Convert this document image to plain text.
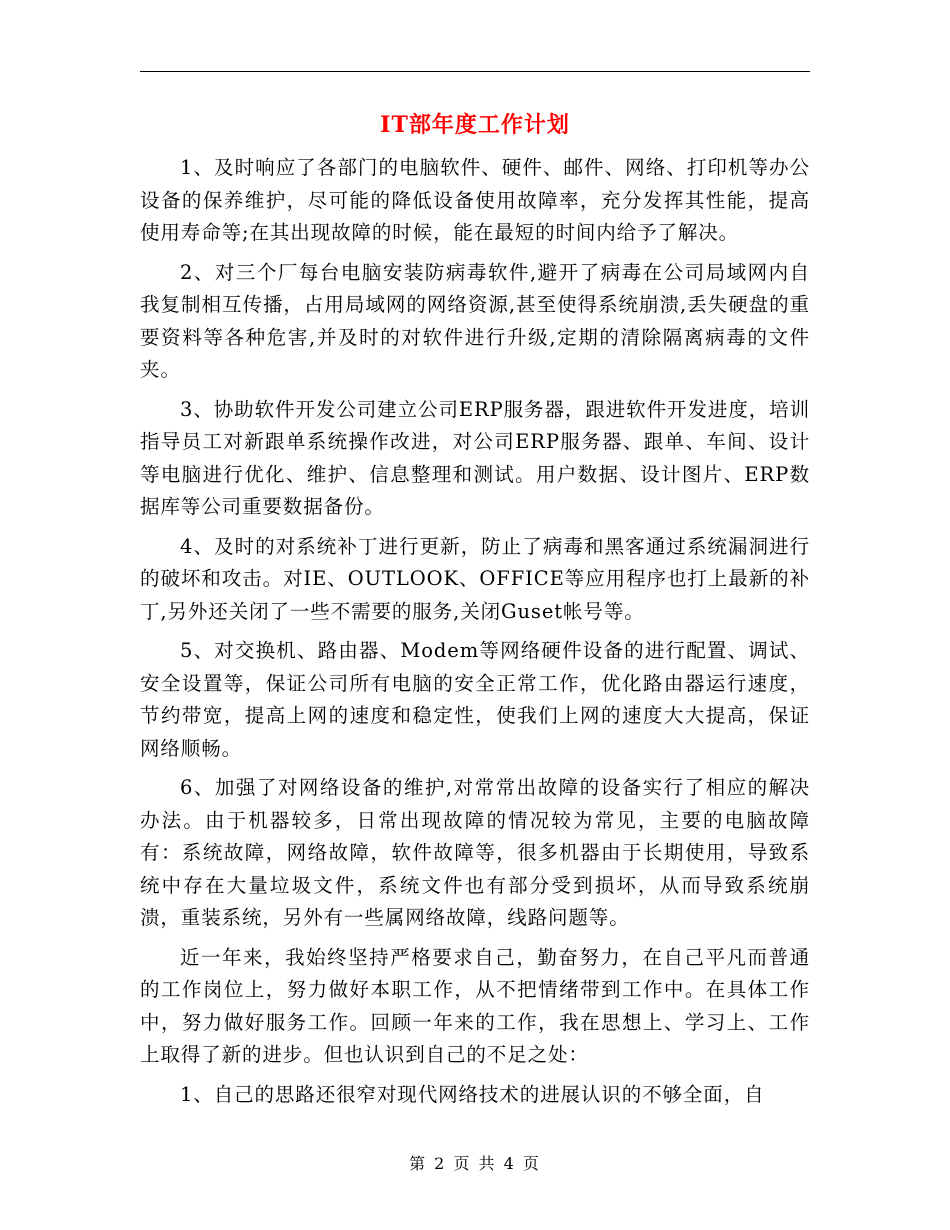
IT部年度工作计划

1、及时响应了各部门的电脑软件、硬件、邮件、网络、打印机等办公设备的保养维护，尽可能的降低设备使用故障率，充分发挥其性能，提高使用寿命等;在其出现故障的时候，能在最短的时间内给予了解决。

2、对三个厂每台电脑安装防病毒软件,避开了病毒在公司局域网内自我复制相互传播，占用局域网的网络资源,甚至使得系统崩溃,丢失硬盘的重要资料等各种危害,并及时的对软件进行升级,定期的清除隔离病毒的文件夹。

3、协助软件开发公司建立公司ERP服务器，跟进软件开发进度，培训指导员工对新跟单系统操作改进，对公司ERP服务器、跟单、车间、设计等电脑进行优化、维护、信息整理和测试。用户数据、设计图片、ERP数据库等公司重要数据备份。

4、及时的对系统补丁进行更新，防止了病毒和黑客通过系统漏洞进行的破坏和攻击。对IE、OUTLOOK、OFFICE等应用程序也打上最新的补丁,另外还关闭了一些不需要的服务,关闭Guset帐号等。

5、对交换机、路由器、Modem等网络硬件设备的进行配置、调试、安全设置等，保证公司所有电脑的安全正常工作，优化路由器运行速度，节约带宽，提高上网的速度和稳定性，使我们上网的速度大大提高，保证网络顺畅。

6、加强了对网络设备的维护,对常常出故障的设备实行了相应的解决办法。由于机器较多，日常出现故障的情况较为常见，主要的电脑故障有：系统故障，网络故障，软件故障等，很多机器由于长期使用，导致系统中存在大量垃圾文件，系统文件也有部分受到损坏，从而导致系统崩溃，重装系统，另外有一些属网络故障，线路问题等。

近一年来，我始终坚持严格要求自己，勤奋努力，在自己平凡而普通的工作岗位上，努力做好本职工作，从不把情绪带到工作中。在具体工作中，努力做好服务工作。回顾一年来的工作，我在思想上、学习上、工作上取得了新的进步。但也认识到自己的不足之处：

1、自己的思路还很窄对现代网络技术的进展认识的不够全面，自

第 2 页 共 4 页
